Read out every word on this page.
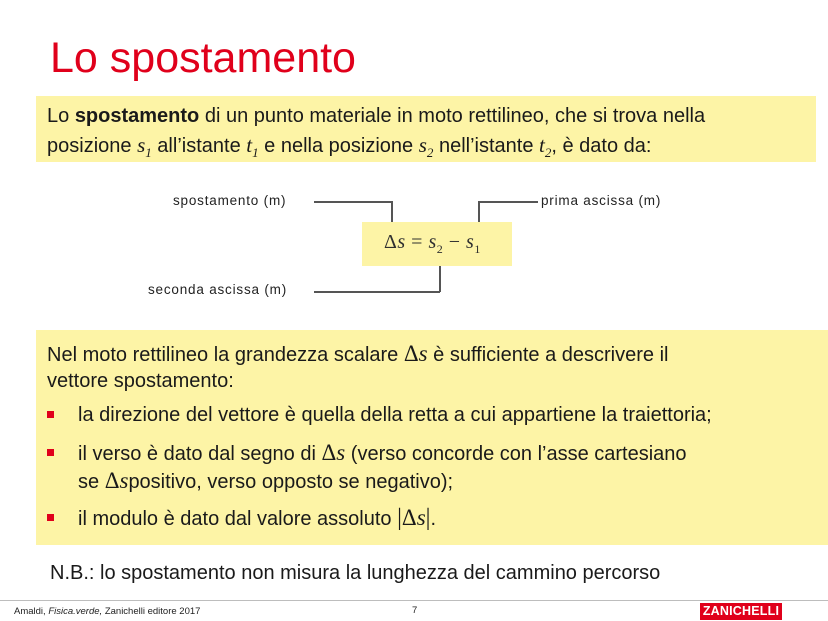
Lo spostamento
Lo spostamento di un punto materiale in moto rettilineo, che si trova nella
posizione $s_1$ all’istante $t_1$ e nella posizione $s_2$ nell’istante $t_2$, è dato da:
spostamento (m)	prima ascissa (m)
seconda ascissa (m)
$\Delta s = s_2 - s_1$
Nel moto rettilineo la grandezza scalare Δs è sufficiente a descrivere il
vettore spostamento:
la direzione del vettore è quella della retta a cui appartiene la traiettoria;
il verso è dato dal segno di Δs (verso concorde con l’asse cartesiano
se Δspositivo, verso opposto se negativo);
il modulo è dato dal valore assoluto |Δs|.
N.B.: lo spostamento non misura la lunghezza del cammino percorso
Amaldi, Fisica.verde, Zanichelli editore 2017	7	ZANICHELLI
